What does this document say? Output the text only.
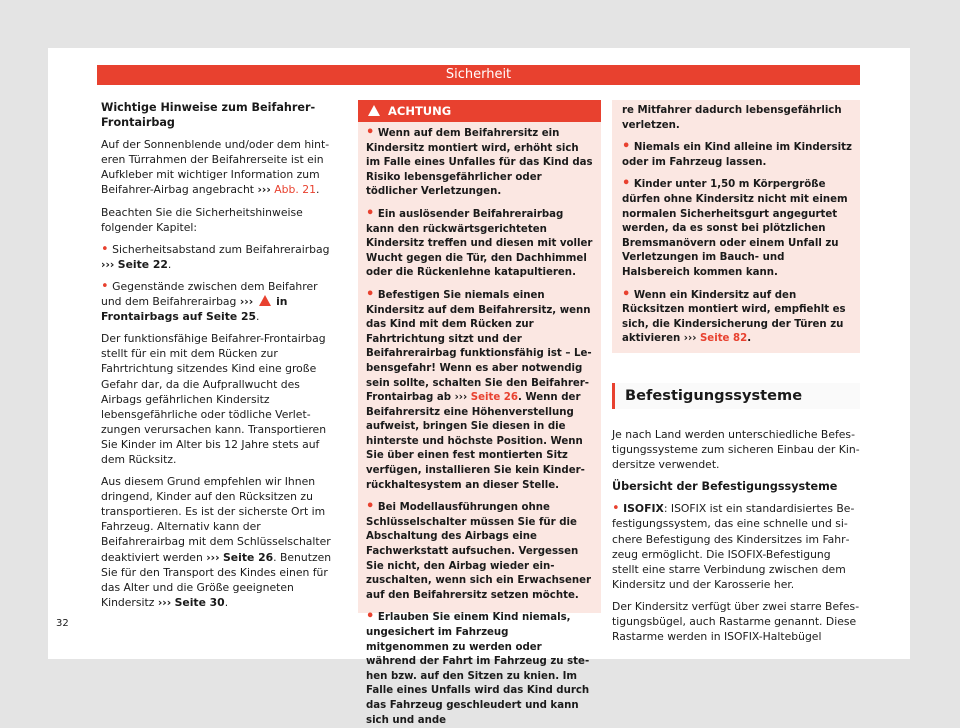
Sicherheit

Wichtige Hinweise zum Beifahrer-Frontairbag

Auf der Sonnenblende und/oder dem hinteren Türrahmen der Beifahrerseite ist ein Aufkleber mit wichtiger Information zum Beifahrer-Airbag angebracht ››› Abb. 21.

Beachten Sie die Sicherheitshinweise folgender Kapitel:

• Sicherheitsabstand zum Beifahrerairbag ››› Seite 22.

• Gegenstände zwischen dem Beifahrer und dem Beifahrerairbag ››› in Frontairbags auf Seite 25.

Der funktionsfähige Beifahrer-Frontairbag stellt für ein mit dem Rücken zur Fahrtrichtung sitzendes Kind eine große Gefahr dar, da die Aufprallwucht des Airbags gefährlichen Kindersitz lebensgefährliche oder tödliche Verletzungen verursachen kann. Transportieren Sie Kinder im Alter bis 12 Jahre stets auf dem Rücksitz.

Aus diesem Grund empfehlen wir Ihnen dringend, Kinder auf den Rücksitzen zu transportieren. Es ist der sicherste Ort im Fahrzeug. Alternativ kann der Beifahrerairbag mit dem Schlüsselschalter deaktiviert werden ››› Seite 26. Benutzen Sie für den Transport des Kindes einen für das Alter und die Größe geeigneten Kindersitz ››› Seite 30.

ACHTUNG

• Wenn auf dem Beifahrersitz ein Kindersitz montiert wird, erhöht sich im Falle eines Unfalles für das Kind das Risiko lebensgefährlicher oder tödlicher Verletzungen.

• Ein auslösender Beifahrerairbag kann den rückwärtsgerichteten Kindersitz treffen und diesen mit voller Wucht gegen die Tür, den Dachhimmel oder die Rückenlehne katapultieren.

• Befestigen Sie niemals einen Kindersitz auf dem Beifahrersitz, wenn das Kind mit dem Rücken zur Fahrtrichtung sitzt und der Beifahrerairbag funktionsfähig ist – Lebensgefahr! Wenn es aber notwendig sein sollte, schalten Sie den Beifahrer-Frontairbag ab ››› Seite 26. Wenn der Beifahrersitz eine Höhenverstellung aufweist, bringen Sie diesen in die hinterste und höchste Position. Wenn Sie über einen fest montierten Sitz verfügen, installieren Sie kein Kinderrückhaltesystem an dieser Stelle.

• Bei Modellausführungen ohne Schlüsselschalter müssen Sie für die Abschaltung des Airbags eine Fachwerkstatt aufsuchen. Vergessen Sie nicht, den Airbag wieder einzuschalten, wenn sich ein Erwachsener auf den Beifahrersitz setzen möchte.

• Erlauben Sie einem Kind niemals, ungesichert im Fahrzeug mitgenommen zu werden oder während der Fahrt im Fahrzeug zu stehen bzw. auf den Sitzen zu knien. Im Falle eines Unfalls wird das Kind durch das Fahrzeug geschleudert und kann sich und ande

re Mitfahrer dadurch lebensgefährlich verletzen.

• Niemals ein Kind alleine im Kindersitz oder im Fahrzeug lassen.

• Kinder unter 1,50 m Körpergröße dürfen ohne Kindersitz nicht mit einem normalen Sicherheitsgurt angegurtet werden, da es sonst bei plötzlichen Bremsmanövern oder einem Unfall zu Verletzungen im Bauch- und Halsbereich kommen kann.

• Wenn ein Kindersitz auf den Rücksitzen montiert wird, empfiehlt es sich, die Kindersicherung der Türen zu aktivieren ››› Seite 82.

Befestigungssysteme

Je nach Land werden unterschiedliche Befestigungssysteme zum sicheren Einbau der Kindersitze verwendet.

Übersicht der Befestigungssysteme

• ISOFIX: ISOFIX ist ein standardisiertes Befestigungssystem, das eine schnelle und sichere Befestigung des Kindersitzes im Fahrzeug ermöglicht. Die ISOFIX-Befestigung stellt eine starre Verbindung zwischen dem Kindersitz und der Karosserie her.

Der Kindersitz verfügt über zwei starre Befestigungsbügel, auch Rastarme genannt. Diese Rastarme werden in ISOFIX-Haltebügel

32
